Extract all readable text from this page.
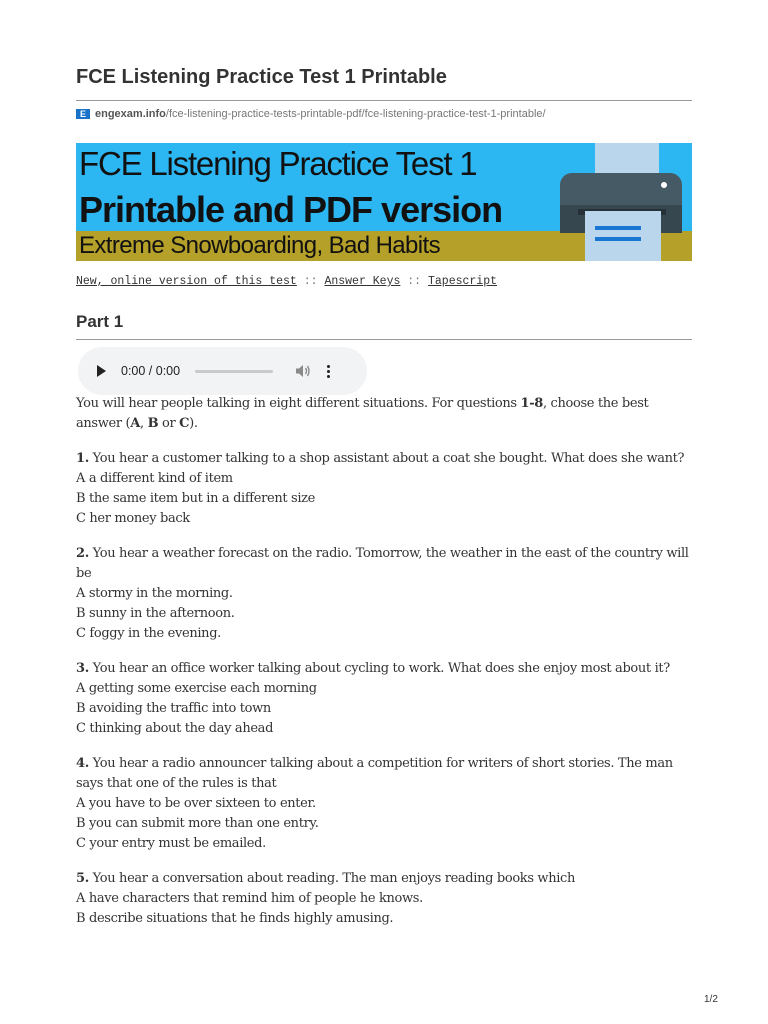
FCE Listening Practice Test 1 Printable
E engexam.info /fce-listening-practice-tests-printable-pdf/fce-listening-practice-test-1-printable/
FCE Listening Practice Test 1
Printable and PDF version
Extreme Snowboarding, Bad Habits
New, online version of this test :: Answer Keys :: Tapescript
Part 1
0:00 / 0:00

You will hear people talking in eight different situations. For questions 1-8, choose the best answer (A, B or C).

1. You hear a customer talking to a shop assistant about a coat she bought. What does she want?

A a different kind of item

B the same item but in a different size

C her money back

2. You hear a weather forecast on the radio. Tomorrow, the weather in the east of the country will be

A stormy in the morning.

B sunny in the afternoon.

C foggy in the evening.

3. You hear an office worker talking about cycling to work. What does she enjoy most about it?

A getting some exercise each morning

B avoiding the traffic into town

C thinking about the day ahead

4. You hear a radio announcer talking about a competition for writers of short stories. The man says that one of the rules is that

A you have to be over sixteen to enter.

B you can submit more than one entry.

C your entry must be emailed.

5. You hear a conversation about reading. The man enjoys reading books which

A have characters that remind him of people he knows.

B describe situations that he finds highly amusing.

1/2
